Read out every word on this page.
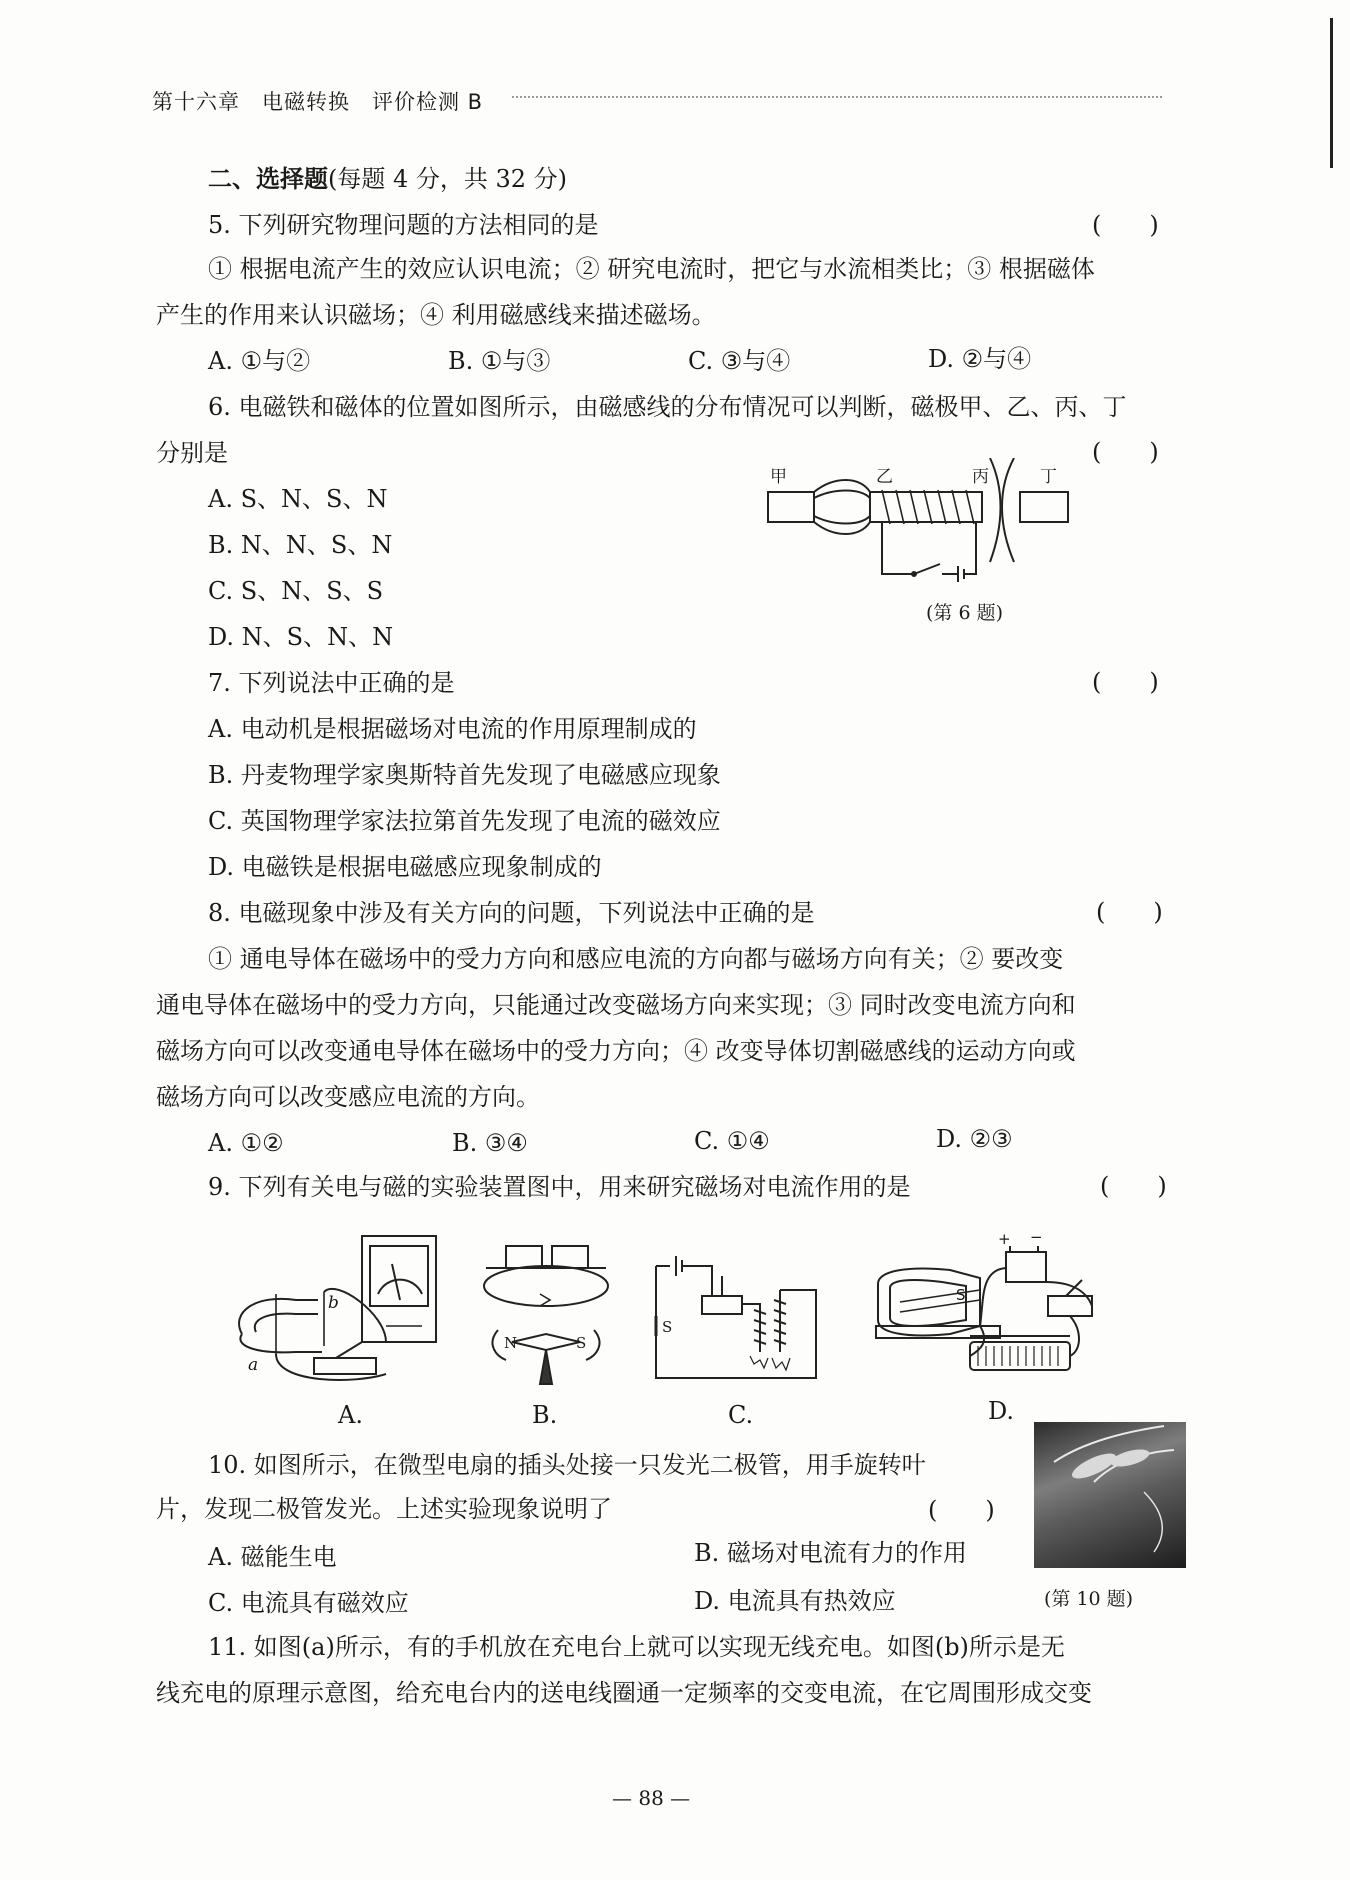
第十六章　电磁转换　评价检测 B
二、选择题(每题 4 分，共 32 分)
5. 下列研究物理问题的方法相同的是	(　　)
① 根据电流产生的效应认识电流；② 研究电流时，把它与水流相类比；③ 根据磁体
产生的作用来认识磁场；④ 利用磁感线来描述磁场。
A. ①与②	B. ①与③	C. ③与④	D. ②与④
6. 电磁铁和磁体的位置如图所示，由磁感线的分布情况可以判断，磁极甲、乙、丙、丁
分别是	(　　)
A. S、N、S、N
B. N、N、S、N
C. S、N、S、S
D. N、S、N、N
甲	乙	丙	丁
(第 6 题)
7. 下列说法中正确的是	(　　)
A. 电动机是根据磁场对电流的作用原理制成的
B. 丹麦物理学家奥斯特首先发现了电磁感应现象
C. 英国物理学家法拉第首先发现了电流的磁效应
D. 电磁铁是根据电磁感应现象制成的
8. 电磁现象中涉及有关方向的问题，下列说法中正确的是	(　　)
① 通电导体在磁场中的受力方向和感应电流的方向都与磁场方向有关；② 要改变
通电导体在磁场中的受力方向，只能通过改变磁场方向来实现；③ 同时改变电流方向和
磁场方向可以改变通电导体在磁场中的受力方向；④ 改变导体切割磁感线的运动方向或
磁场方向可以改变感应电流的方向。
A. ①②	B. ③④	C. ①④	D. ②③
9. 下列有关电与磁的实验装置图中，用来研究磁场对电流作用的是	(　　)
b
a
N	S
S
+ −
S
A.	B.	C.	D.
10. 如图所示，在微型电扇的插头处接一只发光二极管，用手旋转叶
片，发现二极管发光。上述实验现象说明了	(　　)
A. 磁能生电	B. 磁场对电流有力的作用
C. 电流具有磁效应	D. 电流具有热效应	(第 10 题)
11. 如图(a)所示，有的手机放在充电台上就可以实现无线充电。如图(b)所示是无
线充电的原理示意图，给充电台内的送电线圈通一定频率的交变电流，在它周围形成交变
— 88 —
